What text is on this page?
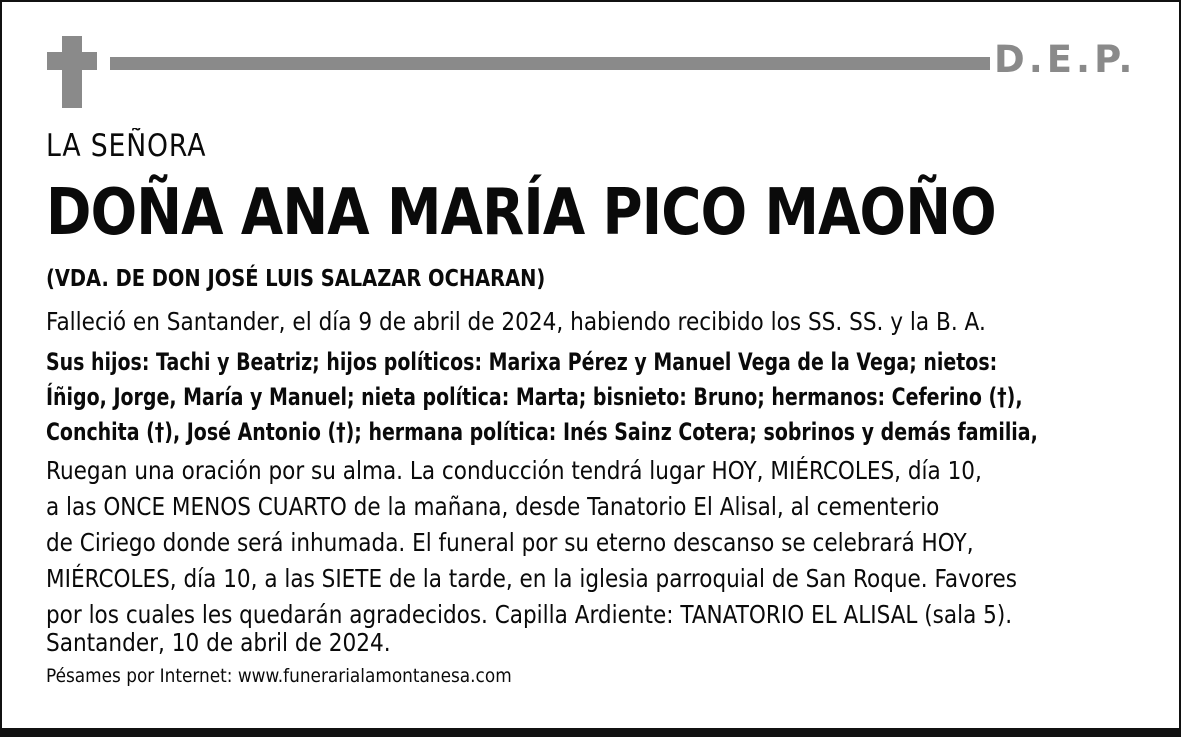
D.E.P.
LA SEÑORA
DOÑA ANA MARÍA PICO MAOÑO
(VDA. DE DON JOSÉ LUIS SALAZAR OCHARAN)
Falleció en Santander, el día 9 de abril de 2024, habiendo recibido los SS. SS. y la B. A.
Sus hijos: Tachi y Beatriz; hijos políticos: Marixa Pérez y Manuel Vega de la Vega; nietos:
Íñigo, Jorge, María y Manuel; nieta política: Marta; bisnieto: Bruno; hermanos: Ceferino (†),
Conchita (†), José Antonio (†); hermana política: Inés Sainz Cotera; sobrinos y demás familia,
Ruegan una oración por su alma. La conducción tendrá lugar HOY, MIÉRCOLES, día 10,
a las ONCE MENOS CUARTO de la mañana, desde Tanatorio El Alisal, al cementerio
de Ciriego donde será inhumada. El funeral por su eterno descanso se celebrará HOY,
MIÉRCOLES, día 10, a las SIETE de la tarde, en la iglesia parroquial de San Roque. Favores
por los cuales les quedarán agradecidos. Capilla Ardiente: TANATORIO EL ALISAL (sala 5).
Santander, 10 de abril de 2024.
Pésames por Internet: www.funerarialamontanesa.com
